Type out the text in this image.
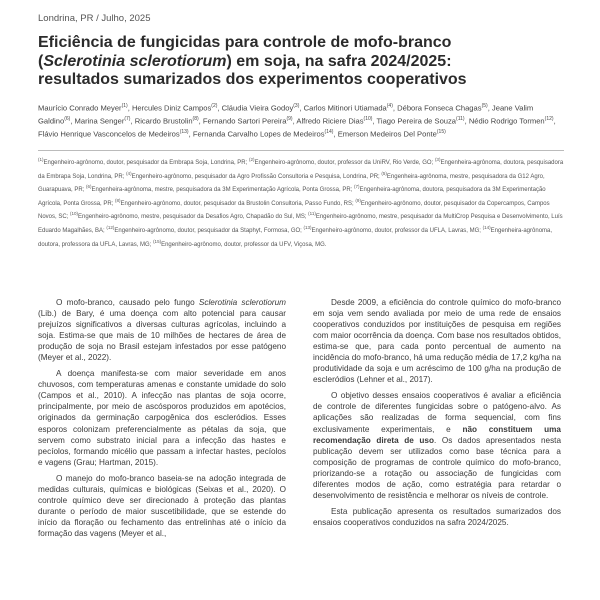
Londrina, PR / Julho, 2025
Eficiência de fungicidas para controle de mofo-branco
(Sclerotinia sclerotiorum) em soja, na safra 2024/2025:
resultados sumarizados dos experimentos cooperativos
Maurício Conrado Meyer$^{(1)}$, Hercules Diniz Campos$^{(2)}$, Cláudia Vieira Godoy$^{(3)}$, Carlos Mitinori Utiamada$^{(4)}$, Débora Fonseca Chagas$^{(5)}$, Jeane Valim Galdino$^{(6)}$, Marina Senger$^{(7)}$, Ricardo Brustolin$^{(8)}$, Fernando Sartori Pereira$^{(9)}$, Alfredo Riciere Dias$^{(10)}$, Tiago Pereira de Souza$^{(11)}$, Nédio Rodrigo Tormen$^{(12)}$, Flávio Henrique Vasconcelos de Medeiros$^{(13)}$, Fernanda Carvalho Lopes de Medeiros$^{(14)}$, Emerson Medeiros Del Ponte$^{(15)}$
$^{(1)}$Engenheiro-agrônomo, doutor, pesquisador da Embrapa Soja, Londrina, PR; $^{(2)}$Engenheiro-agrônomo, doutor, professor da UniRV, Rio Verde, GO; $^{(3)}$Engenheira-agrônoma, doutora, pesquisadora da Embrapa Soja, Londrina, PR; $^{(4)}$Engenheiro-agrônomo, pesquisador da Agro Profissão Consultoria e Pesquisa, Londrina, PR; $^{(5)}$Engenheira-agrônoma, mestre, pesquisadora da G12 Agro, Guarapuava, PR; $^{(6)}$Engenheira-agrônoma, mestre, pesquisadora da 3M Experimentação Agrícola, Ponta Grossa, PR; $^{(7)}$Engenheira-agrônoma, doutora, pesquisadora da 3M Experimentação Agrícola, Ponta Grossa, PR; $^{(8)}$Engenheiro-agrônomo, doutor, pesquisador da Brustolin Consultoria, Passo Fundo, RS; $^{(9)}$Engenheiro-agrônomo, doutor, pesquisador da Copercampos, Campos Novos, SC; $^{(10)}$Engenheiro-agrônomo, mestre, pesquisador da Desafios Agro, Chapadão do Sul, MS; $^{(11)}$Engenheiro-agrônomo, mestre, pesquisador da MultiCrop Pesquisa e Desenvolvimento, Luís Eduardo Magalhães, BA; $^{(12)}$Engenheiro-agrônomo, doutor, pesquisador da Staphyt, Formosa, GO; $^{(13)}$Engenheiro-agrônomo, doutor, professor da UFLA, Lavras, MG; $^{(14)}$Engenheira-agrônoma, doutora, professora da UFLA, Lavras, MG; $^{(15)}$Engenheiro-agrônomo, doutor, professor da UFV, Viçosa, MG.

O mofo-branco, causado pelo fungo Sclerotinia sclerotiorum (Lib.) de Bary, é uma doença com alto potencial para causar prejuízos significativos a diversas culturas agrícolas, incluindo a soja. Estima-se que mais de 10 milhões de hectares de área de produção de soja no Brasil estejam infestados por esse patógeno (Meyer et al., 2022).

A doença manifesta-se com maior severidade em anos chuvosos, com temperaturas amenas e constante umidade do solo (Campos et al., 2010). A infecção nas plantas de soja ocorre, principalmente, por meio de ascósporos produzidos em apotécios, originados da germinação carpogênica dos escleródios. Esses esporos colonizam preferencialmente as pétalas da soja, que servem como substrato inicial para a infecção das hastes e pecíolos, formando micélio que passam a infectar hastes, pecíolos e vagens (Grau; Hartman, 2015).

O manejo do mofo-branco baseia-se na adoção integrada de medidas culturais, químicas e biológicas (Seixas et al., 2020). O controle químico deve ser direcionado à proteção das plantas durante o período de maior suscetibilidade, que se estende do início da floração ou fechamento das entrelinhas até o início da formação das vagens (Meyer et al.,

Desde 2009, a eficiência do controle químico do mofo-branco em soja vem sendo avaliada por meio de uma rede de ensaios cooperativos conduzidos por instituições de pesquisa em regiões com maior ocorrência da doença. Com base nos resultados obtidos, estima-se que, para cada ponto percentual de aumento na incidência do mofo-branco, há uma redução média de 17,2 kg/ha na produtividade da soja e um acréscimo de 100 g/ha na produção de escleródios (Lehner et al., 2017).

O objetivo desses ensaios cooperativos é avaliar a eficiência de controle de diferentes fungicidas sobre o patógeno-alvo. As aplicações são realizadas de forma sequencial, com fins exclusivamente experimentais, e não constituem uma recomendação direta de uso. Os dados apresentados nesta publicação devem ser utilizados como base técnica para a composição de programas de controle químico do mofo-branco, priorizando-se a rotação ou associação de fungicidas com diferentes modos de ação, como estratégia para retardar o desenvolvimento de resistência e melhorar os níveis de controle.

Esta publicação apresenta os resultados sumarizados dos ensaios cooperativos conduzidos na safra 2024/2025.
